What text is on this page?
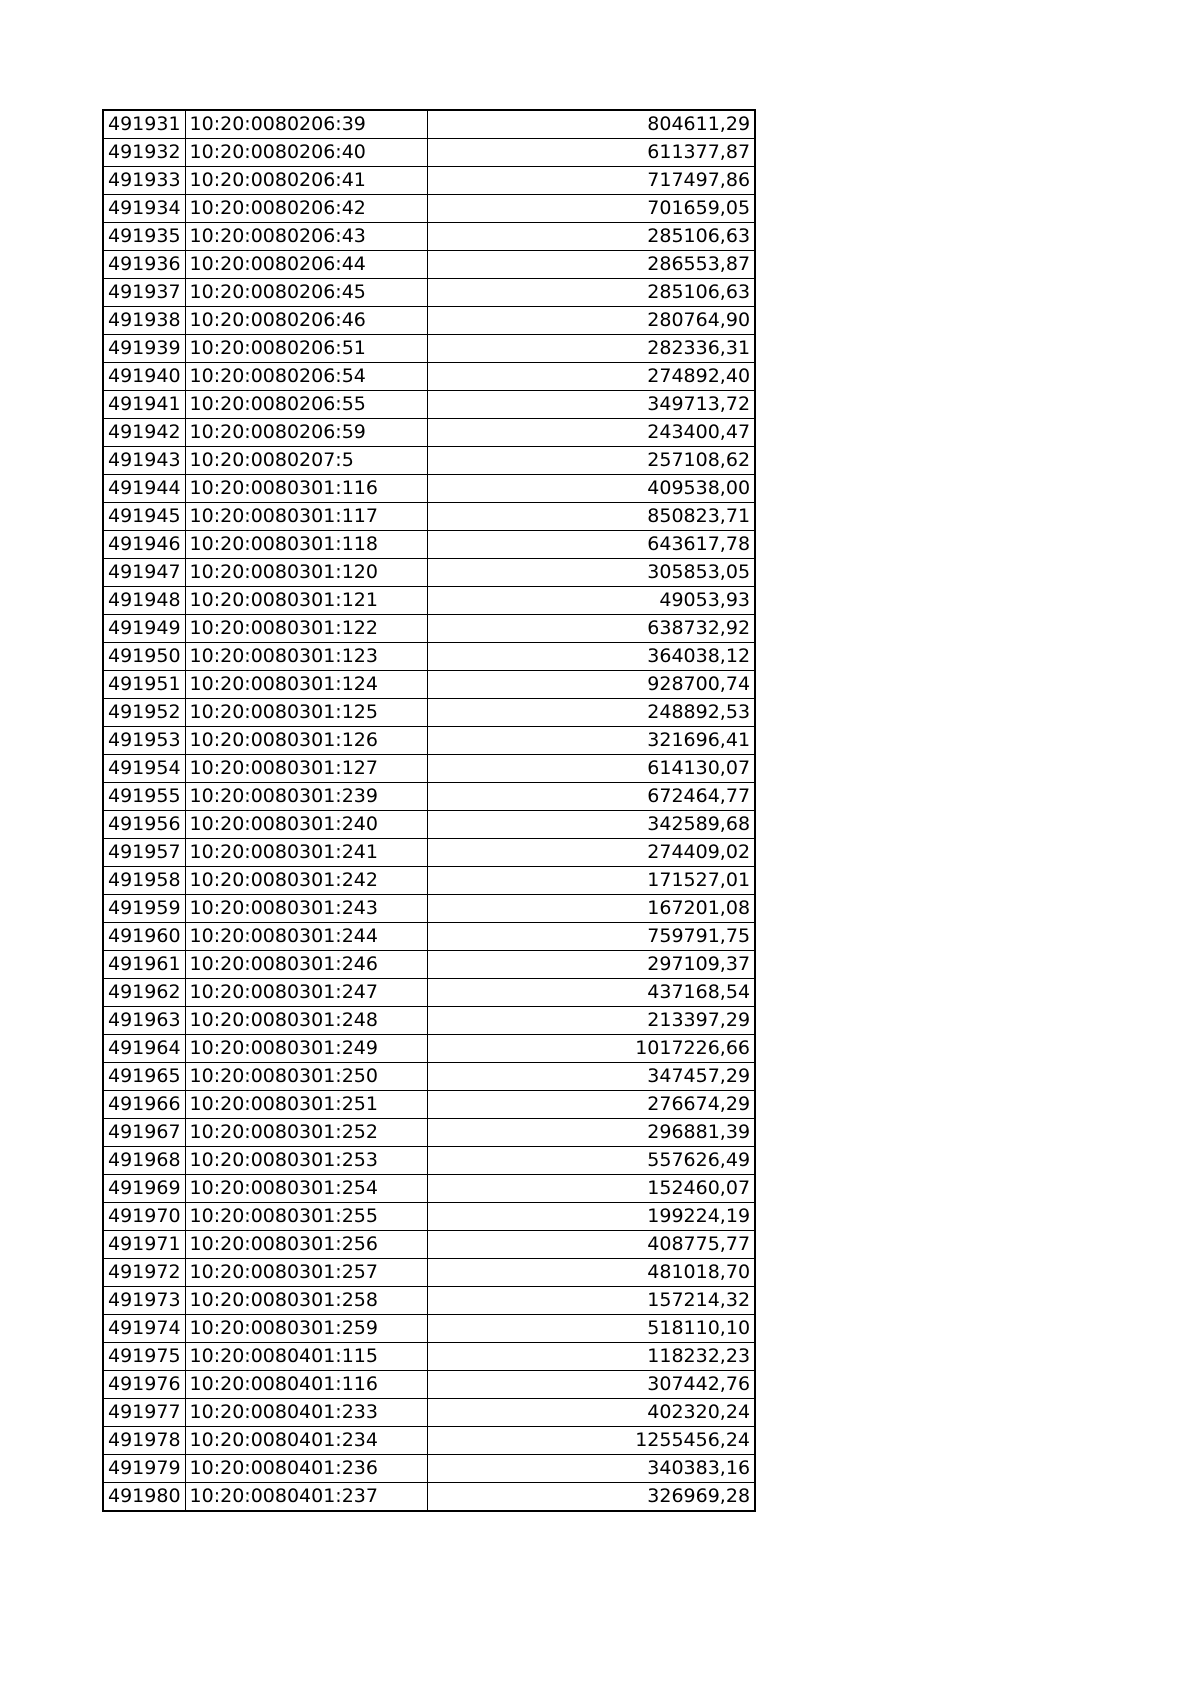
491931	10:20:0080206:39	804611,29
491932	10:20:0080206:40	611377,87
491933	10:20:0080206:41	717497,86
491934	10:20:0080206:42	701659,05
491935	10:20:0080206:43	285106,63
491936	10:20:0080206:44	286553,87
491937	10:20:0080206:45	285106,63
491938	10:20:0080206:46	280764,90
491939	10:20:0080206:51	282336,31
491940	10:20:0080206:54	274892,40
491941	10:20:0080206:55	349713,72
491942	10:20:0080206:59	243400,47
491943	10:20:0080207:5	257108,62
491944	10:20:0080301:116	409538,00
491945	10:20:0080301:117	850823,71
491946	10:20:0080301:118	643617,78
491947	10:20:0080301:120	305853,05
491948	10:20:0080301:121	49053,93
491949	10:20:0080301:122	638732,92
491950	10:20:0080301:123	364038,12
491951	10:20:0080301:124	928700,74
491952	10:20:0080301:125	248892,53
491953	10:20:0080301:126	321696,41
491954	10:20:0080301:127	614130,07
491955	10:20:0080301:239	672464,77
491956	10:20:0080301:240	342589,68
491957	10:20:0080301:241	274409,02
491958	10:20:0080301:242	171527,01
491959	10:20:0080301:243	167201,08
491960	10:20:0080301:244	759791,75
491961	10:20:0080301:246	297109,37
491962	10:20:0080301:247	437168,54
491963	10:20:0080301:248	213397,29
491964	10:20:0080301:249	1017226,66
491965	10:20:0080301:250	347457,29
491966	10:20:0080301:251	276674,29
491967	10:20:0080301:252	296881,39
491968	10:20:0080301:253	557626,49
491969	10:20:0080301:254	152460,07
491970	10:20:0080301:255	199224,19
491971	10:20:0080301:256	408775,77
491972	10:20:0080301:257	481018,70
491973	10:20:0080301:258	157214,32
491974	10:20:0080301:259	518110,10
491975	10:20:0080401:115	118232,23
491976	10:20:0080401:116	307442,76
491977	10:20:0080401:233	402320,24
491978	10:20:0080401:234	1255456,24
491979	10:20:0080401:236	340383,16
491980	10:20:0080401:237	326969,28
